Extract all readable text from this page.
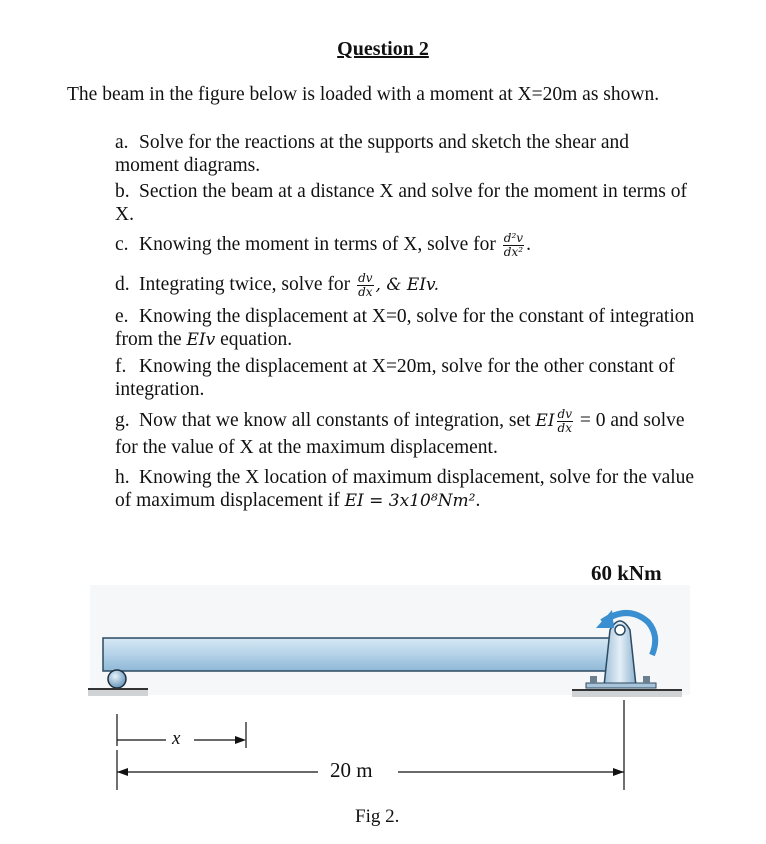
Question 2
The beam in the figure below is loaded with a moment at X=20m as shown.
a. Solve for the reactions at the supports and sketch the shear and moment diagrams.
b. Section the beam at a distance X and solve for the moment in terms of X.
c. Knowing the moment in terms of X, solve for $\frac{\text{d²v}}{\text{dx²}}$ .
d. Integrating twice, solve for $\frac{dv}{dx}$ , & EIv.
e. Knowing the displacement at X=0, solve for the constant of integration from the EIv equation.
f. Knowing the displacement at X=20m, solve for the other constant of integration.
g. Now that we know all constants of integration, set EI $\frac{dv}{dx} = 0$ and solve for the value of X at the maximum displacement.
h. Knowing the X location of maximum displacement, solve for the value of maximum displacement if EI = 3x10⁸Nm².
60 kNm
x
20 m
Fig 2.
